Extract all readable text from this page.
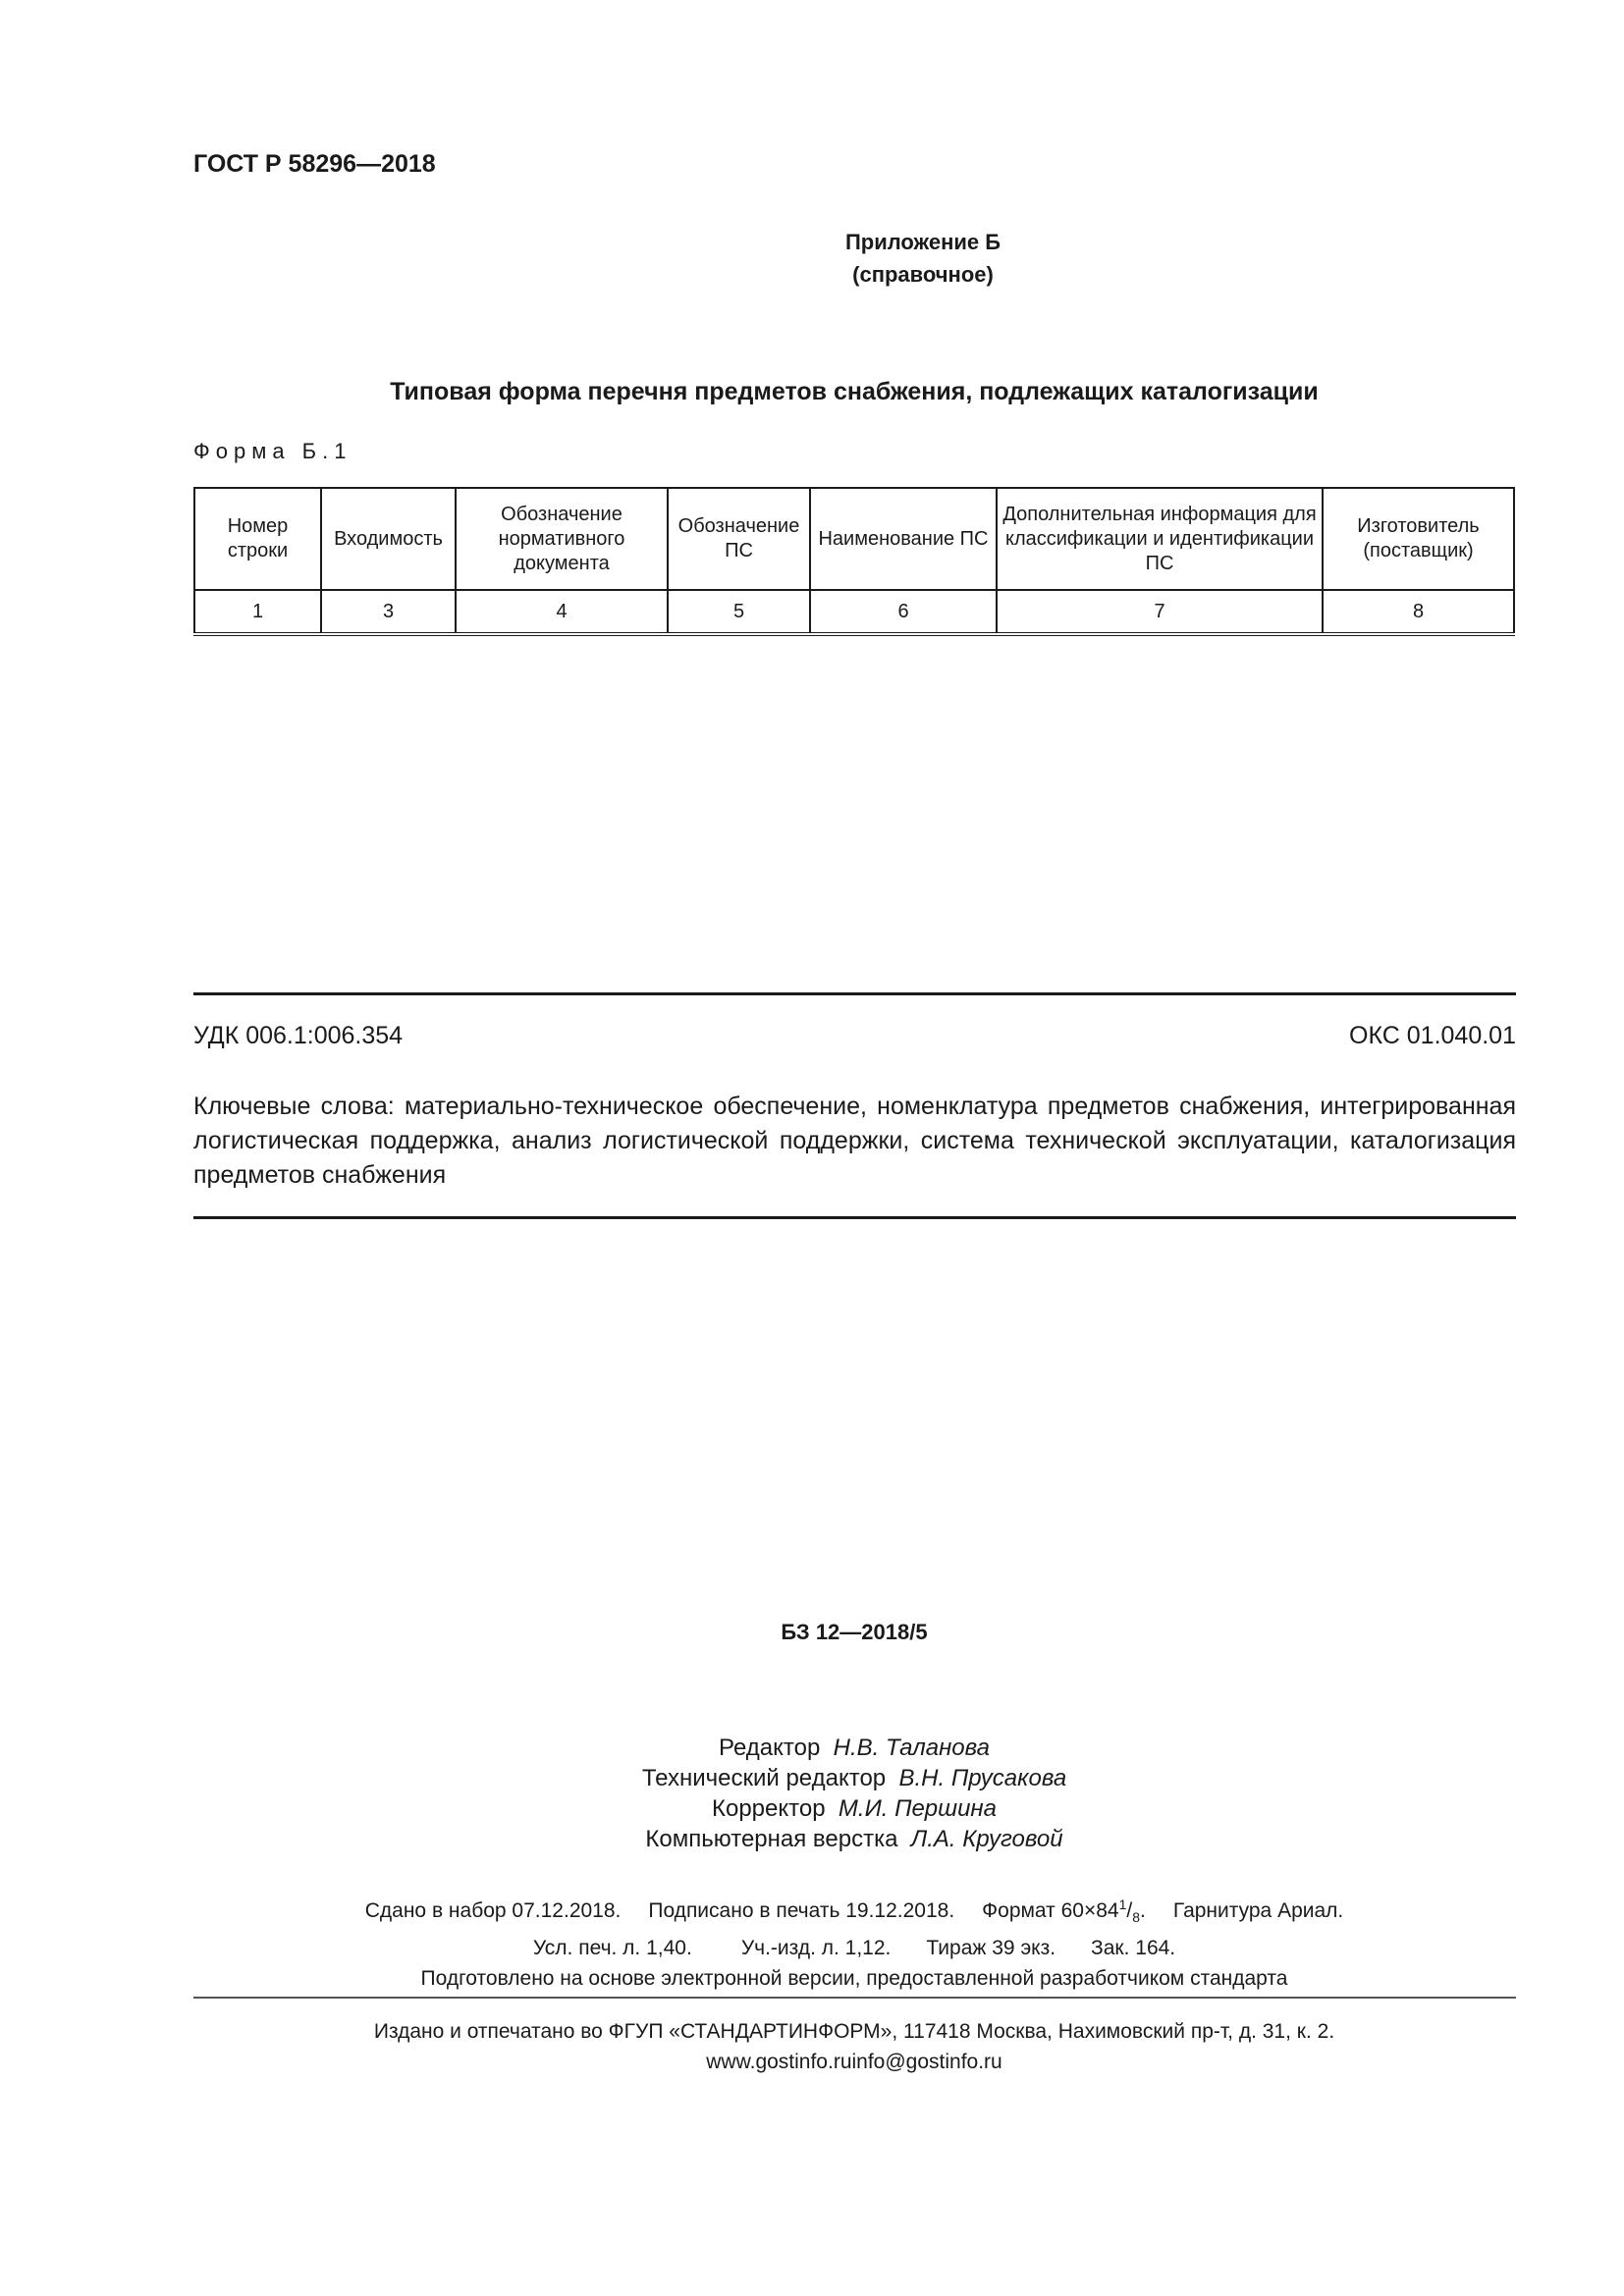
ГОСТ Р 58296—2018
Приложение Б
(справочное)
Типовая форма перечня предметов снабжения, подлежащих каталогизации
Форма Б.1
Номер строки	Входимость	Обозначение нормативного документа	Обозначение ПС	Наименование ПС	Дополнительная информация для классификации и идентификации ПС	Изготовитель (поставщик)
1	3	4	5	6	7	8
УДК 006.1:006.354	ОКС 01.040.01
Ключевые слова: материально-техническое обеспечение, номенклатура предметов снабжения, интегрированная логистическая поддержка, анализ логистической поддержки, система технической эксплуатации, каталогизация предметов снабжения
БЗ 12—2018/5
Редактор Н.В. Таланова
Технический редактор В.Н. Прусакова
Корректор М.И. Першина
Компьютерная верстка Л.А. Круговой
Сдано в набор 07.12.2018. Подписано в печать 19.12.2018. Формат $60\times 84^1/_8$. Гарнитура Ариал.
Усл. печ. л. 1,40. Уч.-изд. л. 1,12. Тираж 39 экз. Зак. 164.
Подготовлено на основе электронной версии, предоставленной разработчиком стандарта
Издано и отпечатано во ФГУП «СТАНДАРТИНФОРМ», 117418 Москва, Нахимовский пр-т, д. 31, к. 2.
www.gostinfo.ruinfo@gostinfo.ru
